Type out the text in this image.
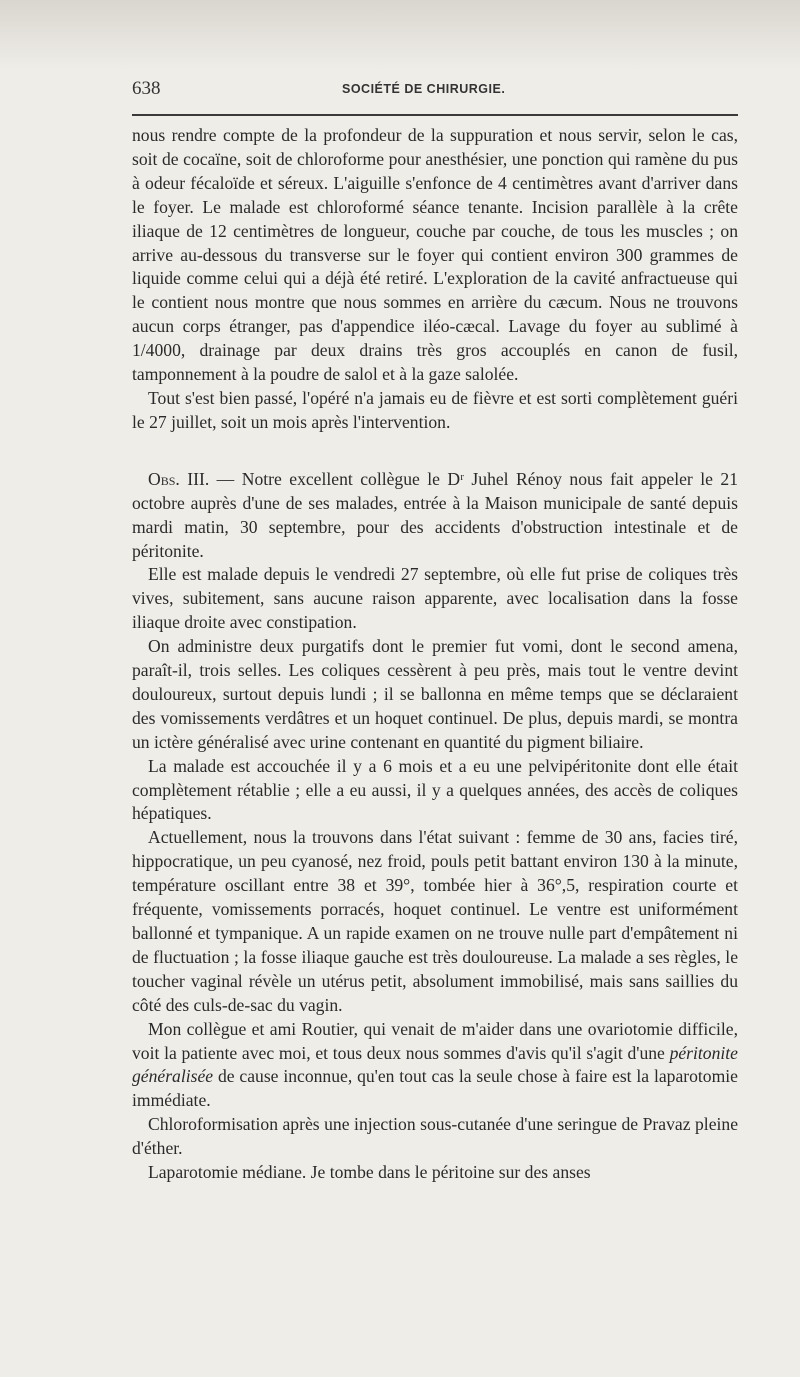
638	SOCIÉTÉ DE CHIRURGIE.

nous rendre compte de la profondeur de la suppuration et nous servir, selon le cas, soit de cocaïne, soit de chloroforme pour anesthésier, une ponction qui ramène du pus à odeur fécaloïde et séreux. L'aiguille s'enfonce de 4 centimètres avant d'arriver dans le foyer. Le malade est chloroformé séance tenante. Incision parallèle à la crête iliaque de 12 centimètres de longueur, couche par couche, de tous les muscles ; on arrive au-dessous du transverse sur le foyer qui contient environ 300 grammes de liquide comme celui qui a déjà été retiré. L'exploration de la cavité anfractueuse qui le contient nous montre que nous sommes en arrière du cæcum. Nous ne trouvons aucun corps étranger, pas d'appendice iléo-cæcal. Lavage du foyer au sublimé à 1/4000, drainage par deux drains très gros accouplés en canon de fusil, tamponnement à la poudre de salol et à la gaze salolée.

Tout s'est bien passé, l'opéré n'a jamais eu de fièvre et est sorti complètement guéri le 27 juillet, soit un mois après l'intervention.

Obs. III. — Notre excellent collègue le Dʳ Juhel Rénoy nous fait appeler le 21 octobre auprès d'une de ses malades, entrée à la Maison municipale de santé depuis mardi matin, 30 septembre, pour des accidents d'obstruction intestinale et de péritonite.

Elle est malade depuis le vendredi 27 septembre, où elle fut prise de coliques très vives, subitement, sans aucune raison apparente, avec localisation dans la fosse iliaque droite avec constipation.

On administre deux purgatifs dont le premier fut vomi, dont le second amena, paraît-il, trois selles. Les coliques cessèrent à peu près, mais tout le ventre devint douloureux, surtout depuis lundi ; il se ballonna en même temps que se déclaraient des vomissements verdâtres et un hoquet continuel. De plus, depuis mardi, se montra un ictère généralisé avec urine contenant en quantité du pigment biliaire.

La malade est accouchée il y a 6 mois et a eu une pelvipéritonite dont elle était complètement rétablie ; elle a eu aussi, il y a quelques années, des accès de coliques hépatiques.

Actuellement, nous la trouvons dans l'état suivant : femme de 30 ans, facies tiré, hippocratique, un peu cyanosé, nez froid, pouls petit battant environ 130 à la minute, température oscillant entre 38 et 39°, tombée hier à 36°,5, respiration courte et fréquente, vomissements porracés, hoquet continuel. Le ventre est uniformément ballonné et tympanique. A un rapide examen on ne trouve nulle part d'empâtement ni de fluctuation ; la fosse iliaque gauche est très douloureuse. La malade a ses règles, le toucher vaginal révèle un utérus petit, absolument immobilisé, mais sans saillies du côté des culs-de-sac du vagin.

Mon collègue et ami Routier, qui venait de m'aider dans une ovariotomie difficile, voit la patiente avec moi, et tous deux nous sommes d'avis qu'il s'agit d'une péritonite généralisée de cause inconnue, qu'en tout cas la seule chose à faire est la laparotomie immédiate.

Chloroformisation après une injection sous-cutanée d'une seringue de Pravaz pleine d'éther.

Laparotomie médiane. Je tombe dans le péritoine sur des anses
